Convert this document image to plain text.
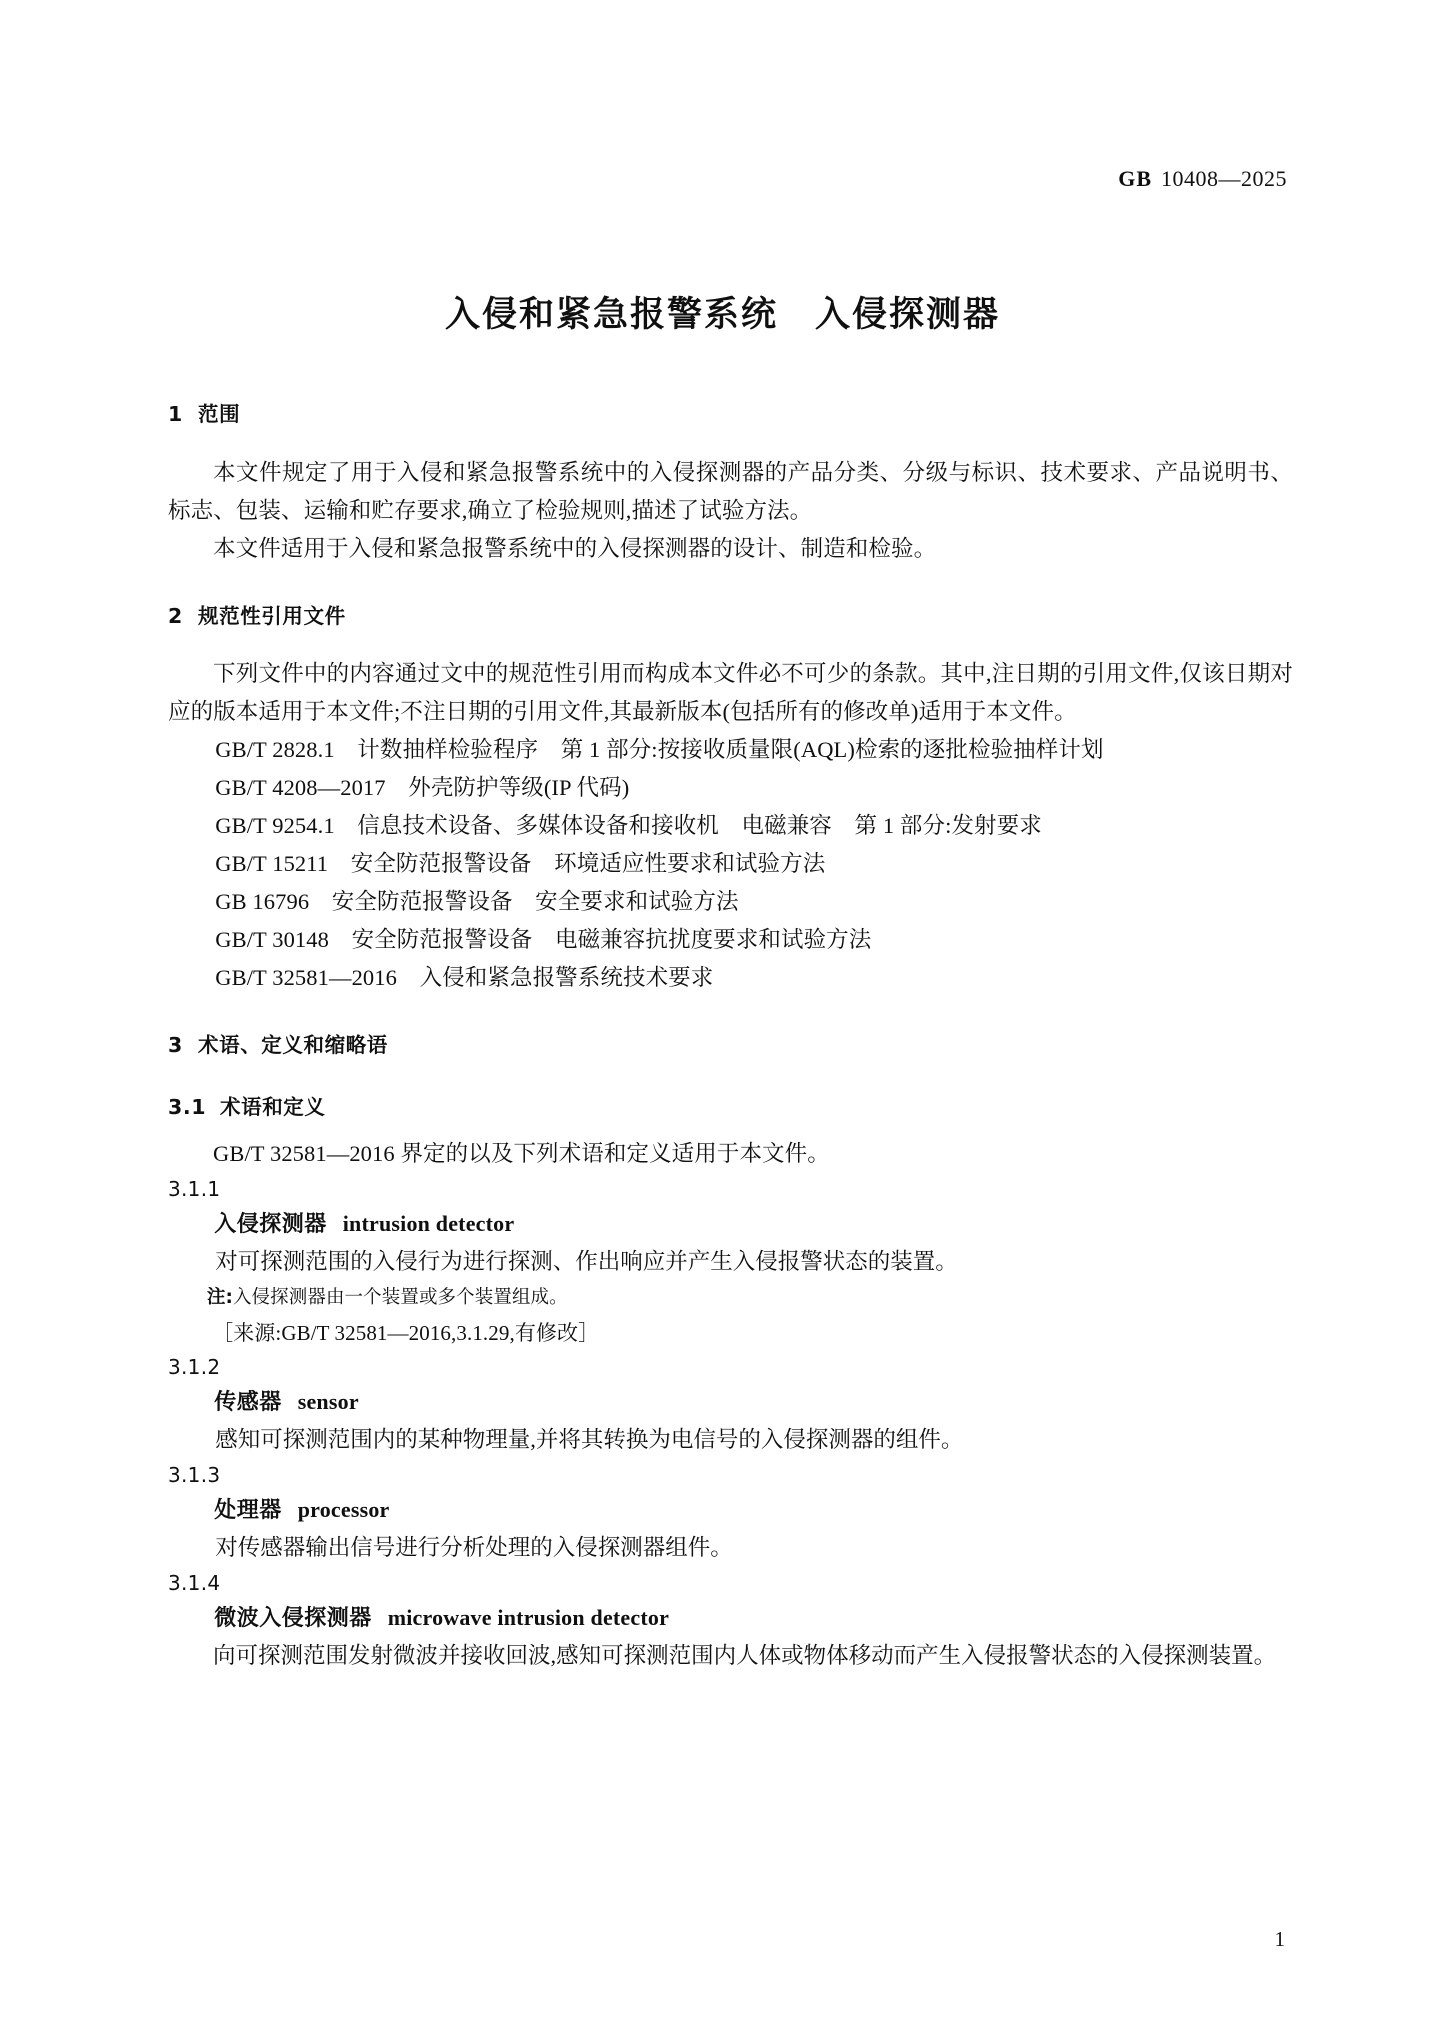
GB 10408—2025
入侵和紧急报警系统　入侵探测器
1 范围

本文件规定了用于入侵和紧急报警系统中的入侵探测器的产品分类、分级与标识、技术要求、产品说明书、标志、包装、运输和贮存要求,确立了检验规则,描述了试验方法。

本文件适用于入侵和紧急报警系统中的入侵探测器的设计、制造和检验。

2 规范性引用文件

下列文件中的内容通过文中的规范性引用而构成本文件必不可少的条款。其中,注日期的引用文件,仅该日期对应的版本适用于本文件;不注日期的引用文件,其最新版本(包括所有的修改单)适用于本文件。

GB/T 2828.1　计数抽样检验程序　第 1 部分:按接收质量限(AQL)检索的逐批检验抽样计划
GB/T 4208—2017　外壳防护等级(IP 代码)
GB/T 9254.1　信息技术设备、多媒体设备和接收机　电磁兼容　第 1 部分:发射要求
GB/T 15211　安全防范报警设备　环境适应性要求和试验方法
GB 16796　安全防范报警设备　安全要求和试验方法
GB/T 30148　安全防范报警设备　电磁兼容抗扰度要求和试验方法
GB/T 32581—2016　入侵和紧急报警系统技术要求
3 术语、定义和缩略语
3.1 术语和定义

GB/T 32581—2016 界定的以及下列术语和定义适用于本文件。

3.1.1

入侵探测器 intrusion detector

对可探测范围的入侵行为进行探测、作出响应并产生入侵报警状态的装置。

注:入侵探测器由一个装置或多个装置组成。

［来源:GB/T 32581—2016,3.1.29,有修改］

3.1.2

传感器 sensor

感知可探测范围内的某种物理量,并将其转换为电信号的入侵探测器的组件。

3.1.3

处理器 processor

对传感器输出信号进行分析处理的入侵探测器组件。

3.1.4

微波入侵探测器 microwave intrusion detector

向可探测范围发射微波并接收回波,感知可探测范围内人体或物体移动而产生入侵报警状态的入侵探测装置。

1
